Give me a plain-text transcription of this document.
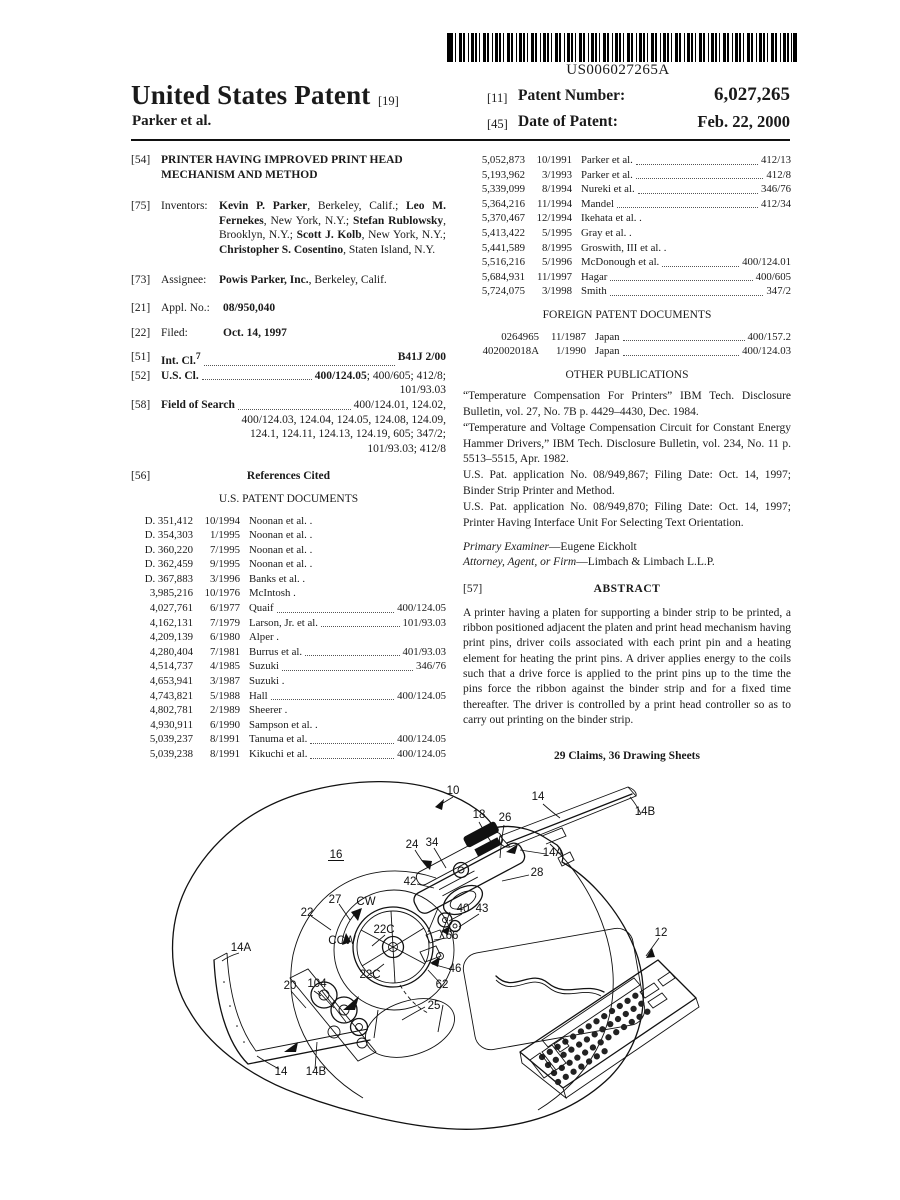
US006027265A
United States Patent [19]
Parker et al.
[11] Patent Number:	6,027,265
[45] Date of Patent:	Feb. 22, 2000
[54] PRINTER HAVING IMPROVED PRINT HEAD MECHANISM AND METHOD
[75] Inventors: Kevin P. Parker, Berkeley, Calif.; Leo M. Fernekes, New York, N.Y.; Stefan Rublowsky, Brooklyn, N.Y.; Scott J. Kolb, New York, N.Y.; Christopher S. Cosentino, Staten Island, N.Y.
[73] Assignee:	Powis Parker, Inc., Berkeley, Calif.
[21] Appl. No.:	08/950,040
[22] Filed:	Oct. 14, 1997
[51] Int. Cl.$^7$	B41J 2/00
[52] U.S. Cl.	400/124.05; 400/605; 412/8;
101/93.03
[58] Field of Search	400/124.01, 124.02,
400/124.03, 124.04, 124.05, 124.08, 124.09,
124.1, 124.11, 124.13, 124.19, 605; 347/2;
101/93.03; 412/8
[56]	References Cited
U.S. PATENT DOCUMENTS
D. 351,412	10/1994 Noonan et al. .
D. 354,303	1/1995 Noonan et al. .
D. 360,220	7/1995 Noonan et al. .
D. 362,459	9/1995 Noonan et al. .
D. 367,883	3/1996 Banks et al. .
3,985,216	10/1976 McIntosh .
4,027,761	6/1977 Quaif	400/124.05
4,162,131	7/1979 Larson, Jr. et al.	101/93.03
4,209,139	6/1980 Alper .
4,280,404	7/1981 Burrus et al.	401/93.03
4,514,737	4/1985 Suzuki	346/76
4,653,941	3/1987 Suzuki .
4,743,821	5/1988 Hall	400/124.05
4,802,781	2/1989 Sheerer .
4,930,911	6/1990 Sampson et al. .
5,039,237	8/1991 Tanuma et al.	400/124.05
5,039,238	8/1991 Kikuchi et al.	400/124.05
5,052,873	10/1991 Parker et al.	412/13
5,193,962	3/1993 Parker et al.	412/8
5,339,099	8/1994 Nureki et al.	346/76
5,364,216	11/1994 Mandel	412/34
5,370,467	12/1994 Ikehata et al. .
5,413,422	5/1995 Gray et al. .
5,441,589	8/1995 Groswith, III et al. .
5,516,216	5/1996 McDonough et al.	400/124.01
5,684,931	11/1997 Hagar	400/605
5,724,075	3/1998 Smith	347/2
FOREIGN PATENT DOCUMENTS
0264965	11/1987 Japan	400/157.2
402002018A	1/1990 Japan	400/124.03
OTHER PUBLICATIONS
“Temperature Compensation For Printers” IBM Tech. Disclosure Bulletin, vol. 27, No. 7B p. 4429–4430, Dec. 1984.
“Temperature and Voltage Compensation Circuit for Constant Energy Hammer Drivers,” IBM Tech. Disclosure Bulletin, vol. 234, No. 11 p. 5513–5515, Apr. 1982.
U.S. Pat. application No. 08/949,867; Filing Date: Oct. 14, 1997; Binder Strip Printer and Method.
U.S. Pat. application No. 08/949,870; Filing Date: Oct. 14, 1997; Printer Having Interface Unit For Selecting Text Orientation.
Primary Examiner—Eugene Eickholt
Attorney, Agent, or Firm—Limbach & Limbach L.L.P.
[57]	ABSTRACT
A printer having a platen for supporting a binder strip to be printed, a ribbon positioned adjacent the platen and print head mechanism having print pins, driver coils associated with each print pin and a heating element for heating the print pins. A driver applies energy to the coils such that a drive force is applied to the print pins up to the time the pins force the ribbon against the binder strip and for a fixed time thereafter. The driver is controlled by a print head controller so as to carry out printing on the binder strip.
29 Claims, 36 Drawing Sheets
10
16
18 26
14
14B
14A
24 34
42
28
22
27 CW
CCW
22C
40 43
66
22C	46
62
25
14A
20 104
14 14B
12
